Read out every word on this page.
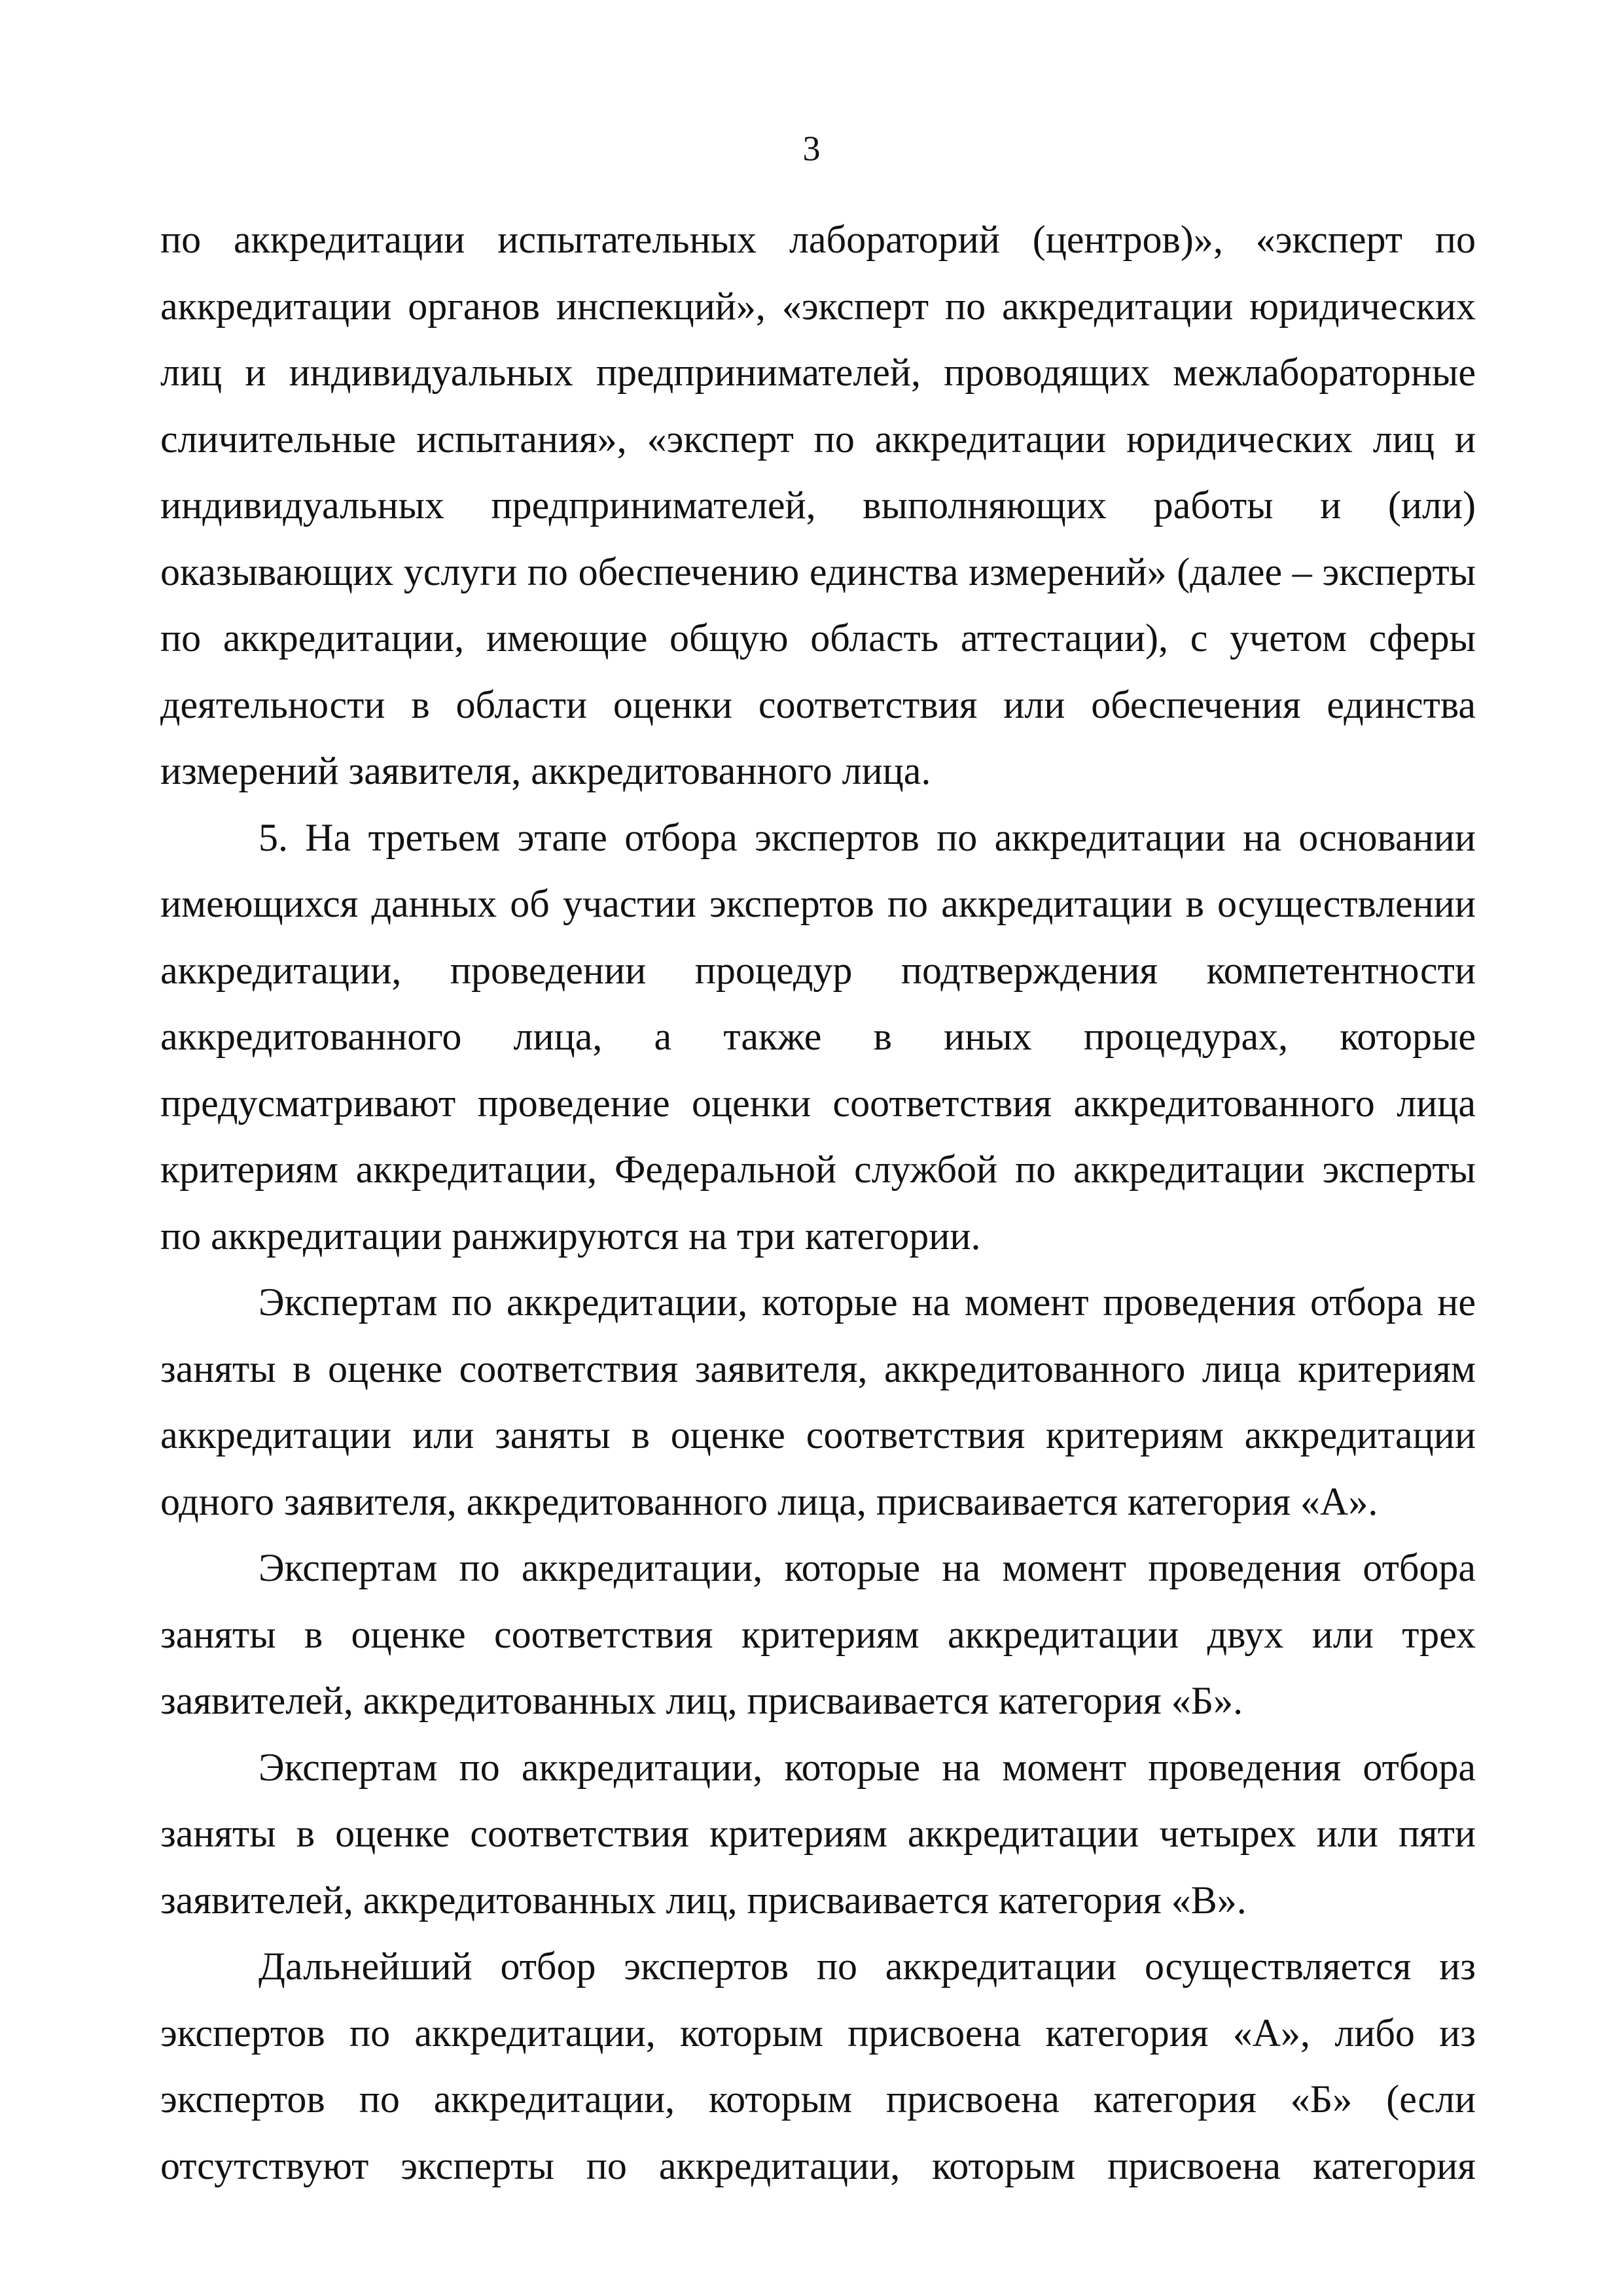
3

по аккредитации испытательных лабораторий (центров)», «эксперт по аккредитации органов инспекций», «эксперт по аккредитации юридических лиц и индивидуальных предпринимателей, проводящих межлабораторные сличительные испытания», «эксперт по аккредитации юридических лиц и индивидуальных предпринимателей, выполняющих работы и (или) оказывающих услуги по обеспечению единства измерений» (далее – эксперты по аккредитации, имеющие общую область аттестации), с учетом сферы деятельности в области оценки соответствия или обеспечения единства измерений заявителя, аккредитованного лица.

5. На третьем этапе отбора экспертов по аккредитации на основании имеющихся данных об участии экспертов по аккредитации в осуществлении аккредитации, проведении процедур подтверждения компетентности аккредитованного лица, а также в иных процедурах, которые предусматривают проведение оценки соответствия аккредитованного лица критериям аккредитации, Федеральной службой по аккредитации эксперты по аккредитации ранжируются на три категории.

Экспертам по аккредитации, которые на момент проведения отбора не заняты в оценке соответствия заявителя, аккредитованного лица критериям аккредитации или заняты в оценке соответствия критериям аккредитации одного заявителя, аккредитованного лица, присваивается категория «А».

Экспертам по аккредитации, которые на момент проведения отбора заняты в оценке соответствия критериям аккредитации двух или трех заявителей, аккредитованных лиц, присваивается категория «Б».

Экспертам по аккредитации, которые на момент проведения отбора заняты в оценке соответствия критериям аккредитации четырех или пяти заявителей, аккредитованных лиц, присваивается категория «В».

Дальнейший отбор экспертов по аккредитации осуществляется из экспертов по аккредитации, которым присвоена категория «А», либо из экспертов по аккредитации, которым присвоена категория «Б» (если отсутствуют эксперты по аккредитации, которым присвоена категория
